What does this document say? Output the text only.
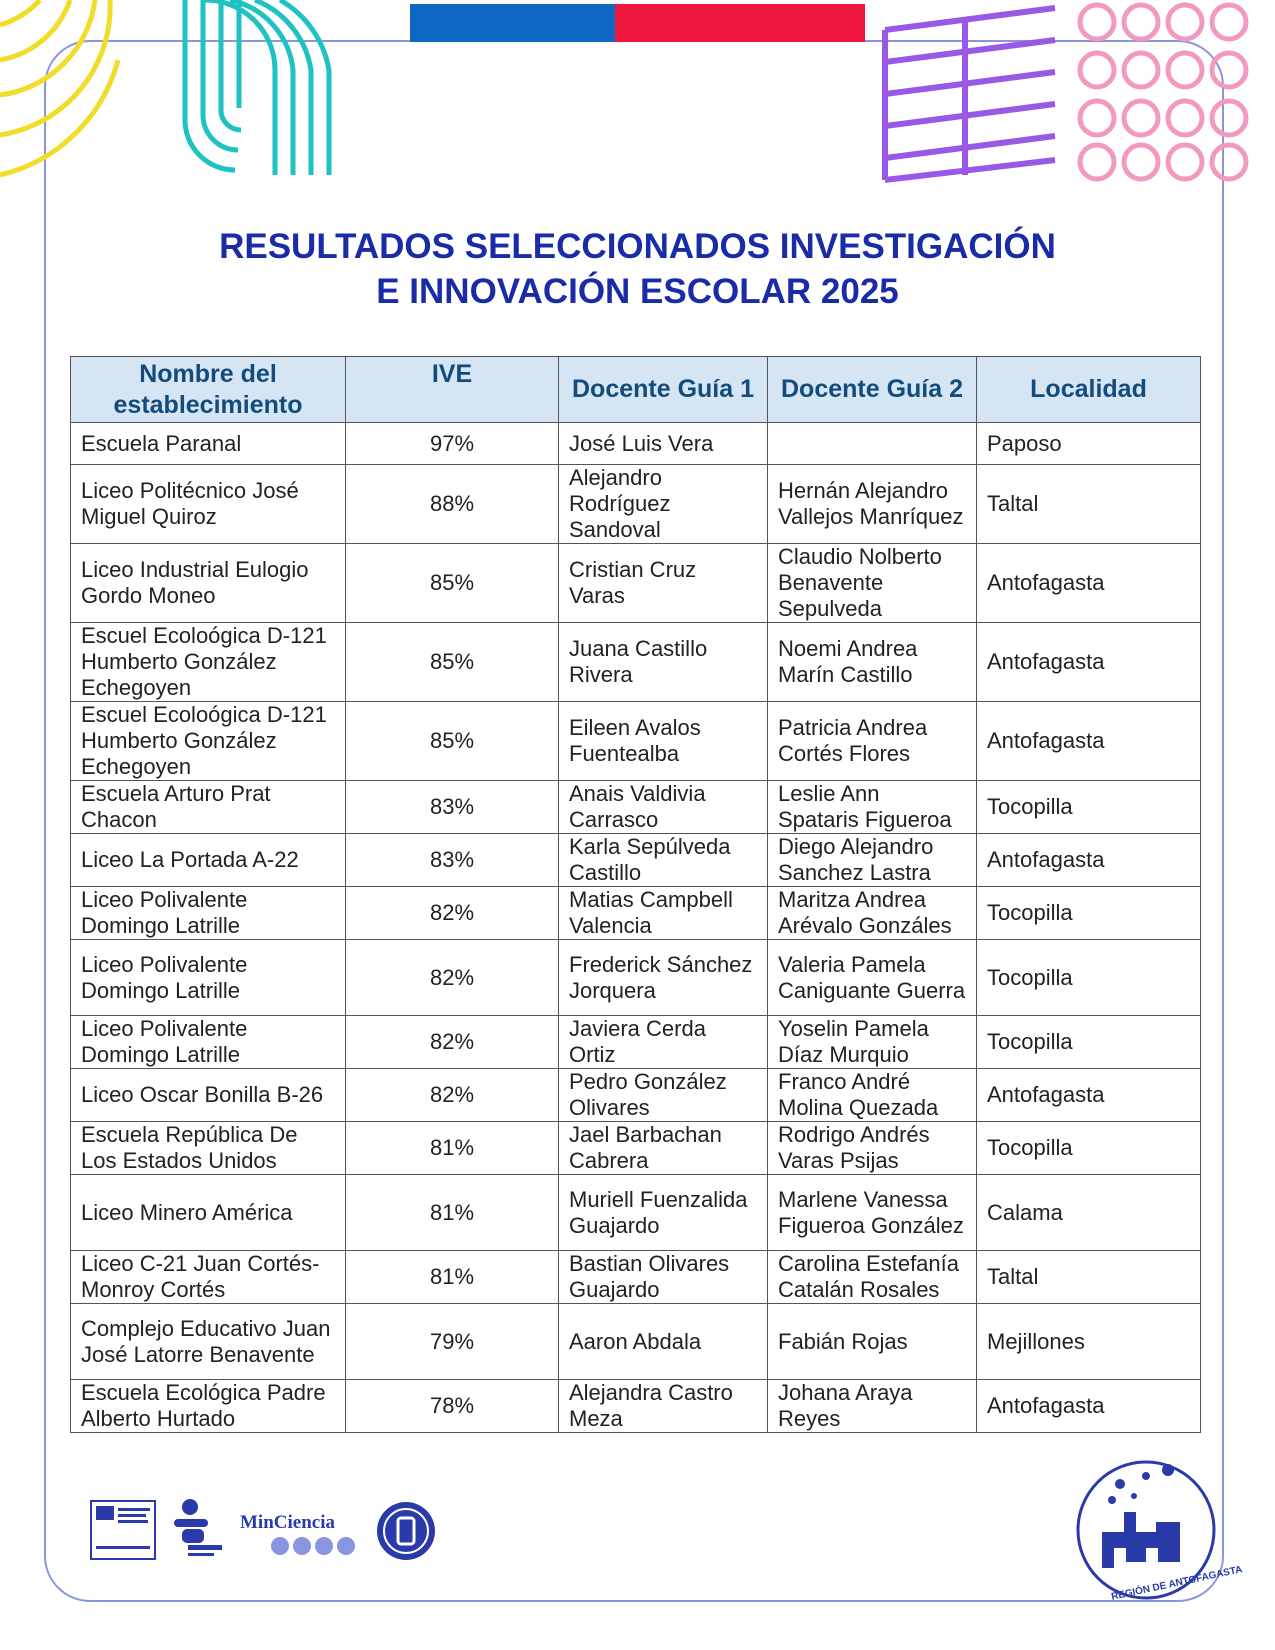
RESULTADOS SELECCIONADOS INVESTIGACIÓN
E INNOVACIÓN ESCOLAR 2025
Nombre del establecimiento	IVE	Docente Guía 1	Docente Guía 2	Localidad
Escuela Paranal	97%	José Luis Vera		Paposo
Liceo Politécnico José Miguel Quiroz	88%	Alejandro Rodríguez Sandoval	Hernán Alejandro Vallejos Manríquez	Taltal
Liceo Industrial Eulogio Gordo Moneo	85%	Cristian Cruz Varas	Claudio Nolberto Benavente Sepulveda	Antofagasta
Escuel Ecoloógica D-121 Humberto González Echegoyen	85%	Juana Castillo Rivera	Noemi Andrea Marín Castillo	Antofagasta
Escuel Ecoloógica D-121 Humberto González Echegoyen	85%	Eileen Avalos Fuentealba	Patricia Andrea Cortés Flores	Antofagasta
Escuela Arturo Prat Chacon	83%	Anais Valdivia Carrasco	Leslie Ann Spataris Figueroa	Tocopilla
Liceo La Portada A-22	83%	Karla Sepúlveda Castillo	Diego Alejandro Sanchez Lastra	Antofagasta
Liceo Polivalente Domingo Latrille	82%	Matias Campbell Valencia	Maritza Andrea Arévalo Gonzáles	Tocopilla
Liceo Polivalente Domingo Latrille	82%	Frederick Sánchez Jorquera	Valeria Pamela Caniguante Guerra	Tocopilla
Liceo Polivalente Domingo Latrille	82%	Javiera Cerda Ortiz	Yoselin Pamela Díaz Murquio	Tocopilla
Liceo Oscar Bonilla B-26	82%	Pedro González Olivares	Franco André Molina Quezada	Antofagasta
Escuela República De Los Estados Unidos	81%	Jael Barbachan Cabrera	Rodrigo Andrés Varas Psijas	Tocopilla
Liceo Minero América	81%	Muriell Fuenzalida Guajardo	Marlene Vanessa Figueroa González	Calama
Liceo C-21 Juan Cortés-Monroy Cortés	81%	Bastian Olivares Guajardo	Carolina Estefanía Catalán Rosales	Taltal
Complejo Educativo Juan José Latorre Benavente	79%	Aaron Abdala	Fabián Rojas	Mejillones
Escuela Ecológica Padre Alberto Hurtado	78%	Alejandra Castro Meza	Johana Araya Reyes	Antofagasta
MinCiencia
REGIÓN DE ANTOFAGASTA
